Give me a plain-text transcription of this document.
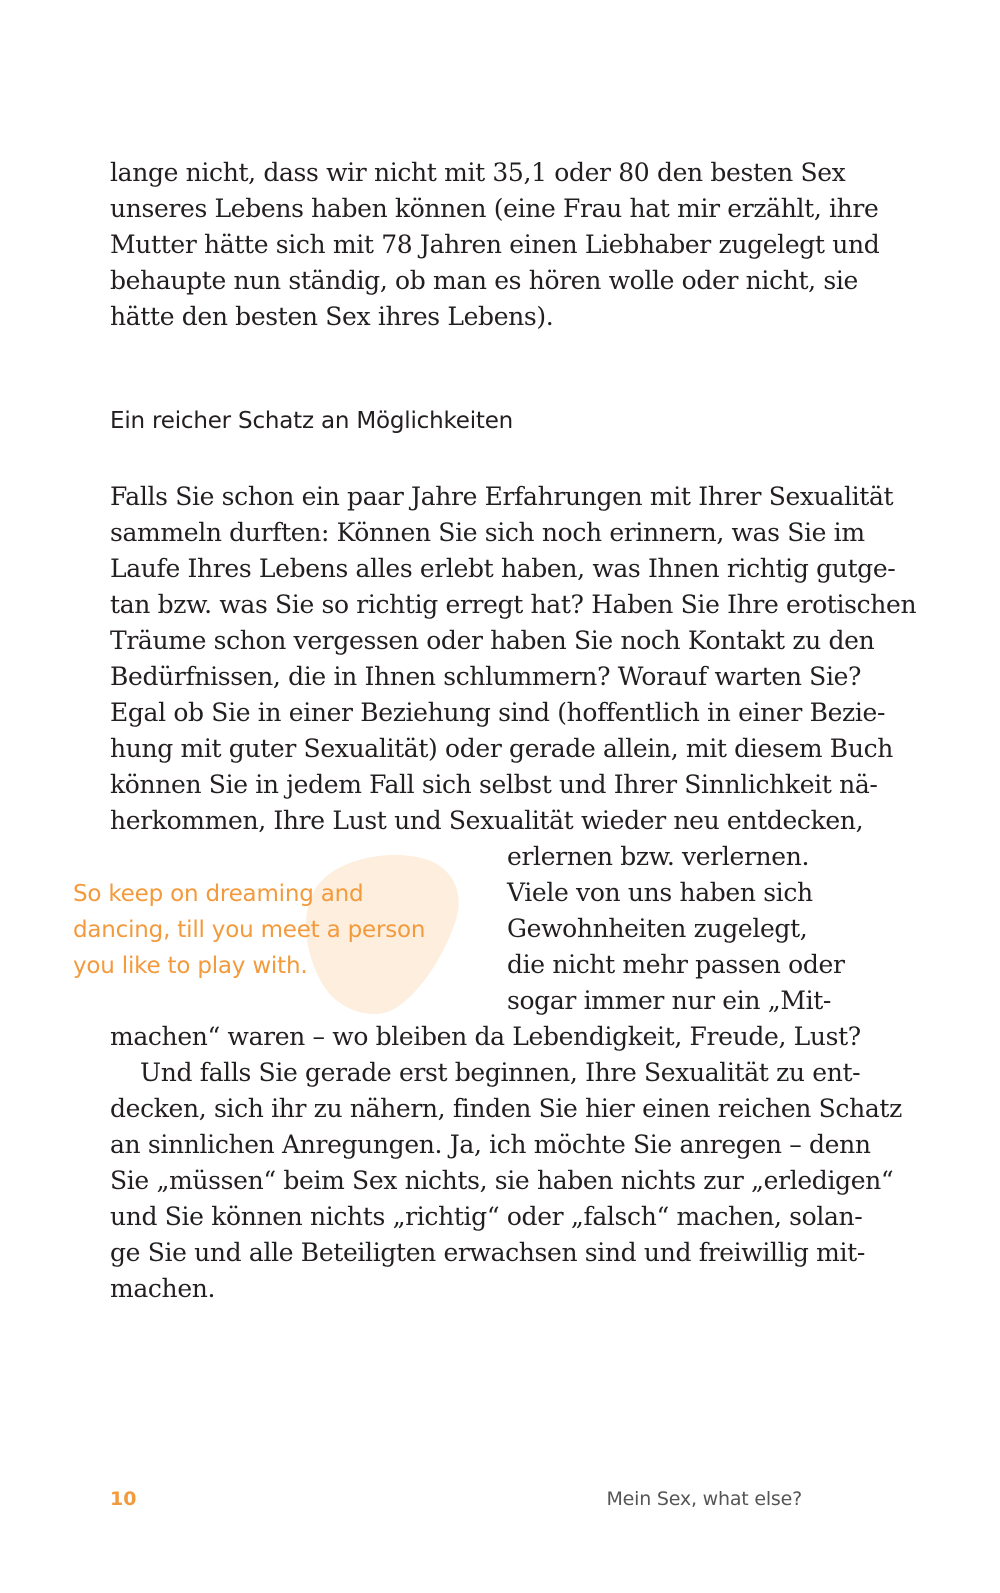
lange nicht, dass wir nicht mit 35,1 oder 80 den besten Sex
unseres Lebens haben können (eine Frau hat mir erzählt, ihre
Mutter hätte sich mit 78 Jahren einen Liebhaber zugelegt und
behaupte nun ständig, ob man es hören wolle oder nicht, sie
hätte den besten Sex ihres Lebens).
Ein reicher Schatz an Möglichkeiten
Falls Sie schon ein paar Jahre Erfahrungen mit Ihrer Sexualität
sammeln durften: Können Sie sich noch erinnern, was Sie im
Laufe Ihres Lebens alles erlebt haben, was Ihnen richtig gutge-
tan bzw. was Sie so richtig erregt hat? Haben Sie Ihre erotischen
Träume schon vergessen oder haben Sie noch Kontakt zu den
Bedürfnissen, die in Ihnen schlummern? Worauf warten Sie?
Egal ob Sie in einer Beziehung sind (hoffentlich in einer Bezie-
hung mit guter Sexualität) oder gerade allein, mit diesem Buch
können Sie in jedem Fall sich selbst und Ihrer Sinnlichkeit nä-
herkommen, Ihre Lust und Sexualität wieder neu entdecken,
So keep on dreaming and
dancing, till you meet a person
you like to play with.
erlernen bzw. verlernen.
Viele von uns haben sich
Gewohnheiten zugelegt,
die nicht mehr passen oder
sogar immer nur ein „Mit-
machen“ waren – wo bleiben da Lebendigkeit, Freude, Lust?
Und falls Sie gerade erst beginnen, Ihre Sexualität zu ent-
decken, sich ihr zu nähern, finden Sie hier einen reichen Schatz
an sinnlichen Anregungen. Ja, ich möchte Sie anregen – denn
Sie „müssen“ beim Sex nichts, sie haben nichts zur „erledigen“
und Sie können nichts „richtig“ oder „falsch“ machen, solan-
ge Sie und alle Beteiligten erwachsen sind und freiwillig mit-
machen.
10	Mein Sex, what else?
